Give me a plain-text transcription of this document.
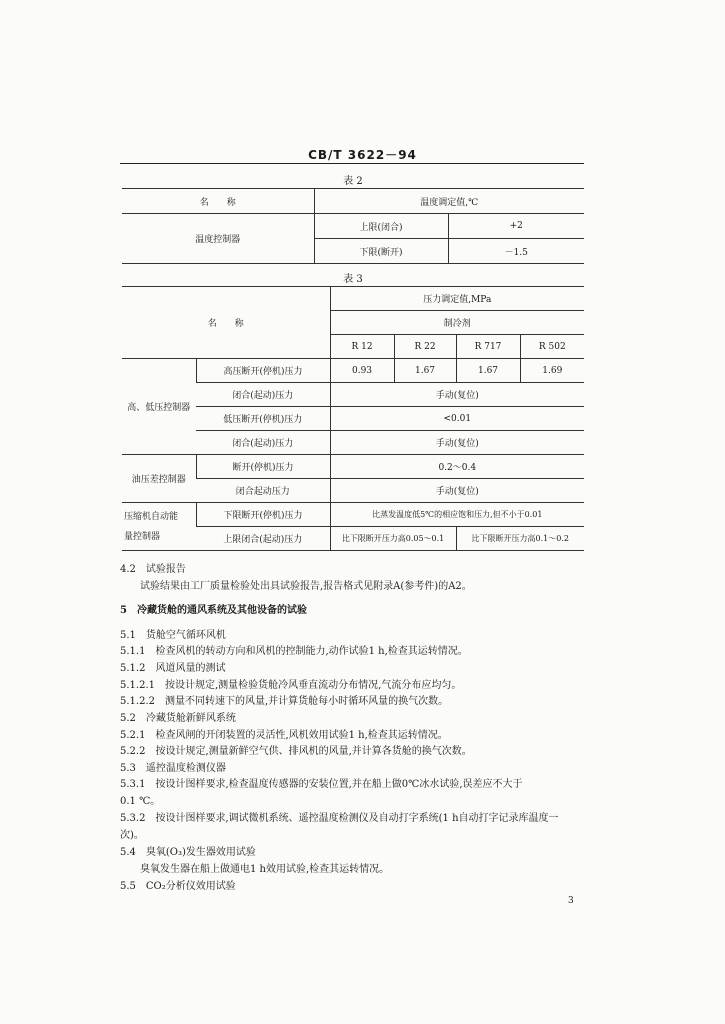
CB/T 3622－94
表 2
名　　称	温度调定值,℃	
温度控制器	上限(闭合)	+2
	下限(断开)	－1.5
表 3
名　　称		压力调定值,MPa			
		制冷剂			
		R 12	R 22	R 717	R 502
高、低压控制器	高压断开(停机)压力	0.93	1.67	1.67	1.69
	闭合(起动)压力	手动(复位)			
	低压断开(停机)压力	<0.01			
	闭合(起动)压力	手动(复位)			
油压差控制器	断开(停机)压力	0.2～0.4			
	闭合起动压力	手动(复位)			
压缩机自动能
量控制器	下限断开(停机)压力	比蒸发温度低5℃的相应饱和压力,但不小于0.01			
	上限闭合(起动)压力	比下限断开压力高0.05～0.1		比下限断开压力高0.1～0.2	
4.2　试验报告
试验结果由工厂质量检验处出具试验报告,报告格式见附录A(参考件)的A2。
5　冷藏货舱的通风系统及其他设备的试验
5.1　货舱空气循环风机
5.1.1　检查风机的转动方向和风机的控制能力,动作试验1 h,检查其运转情况。
5.1.2　风道风量的测试
5.1.2.1　按设计规定,测量检验货舱冷风垂直流动分布情况,气流分布应均匀。
5.1.2.2　测量不同转速下的风量,并计算货舱每小时循环风量的换气次数。
5.2　冷藏货舱新鲜风系统
5.2.1　检查风闸的开闭装置的灵活性,风机效用试验1 h,检查其运转情况。
5.2.2　按设计规定,测量新鲜空气供、排风机的风量,并计算各货舱的换气次数。
5.3　遥控温度检测仪器
5.3.1　按设计图样要求,检查温度传感器的安装位置,并在船上做0℃冰水试验,误差应不大于
0.1 ℃。
5.3.2　按设计图样要求,调试微机系统、遥控温度检测仪及自动打字系统(1 h自动打字记录库温度一
次)。
5.4　臭氧(O₃)发生器效用试验
臭氧发生器在船上做通电1 h效用试验,检查其运转情况。
5.5　CO₂分析仪效用试验
3
